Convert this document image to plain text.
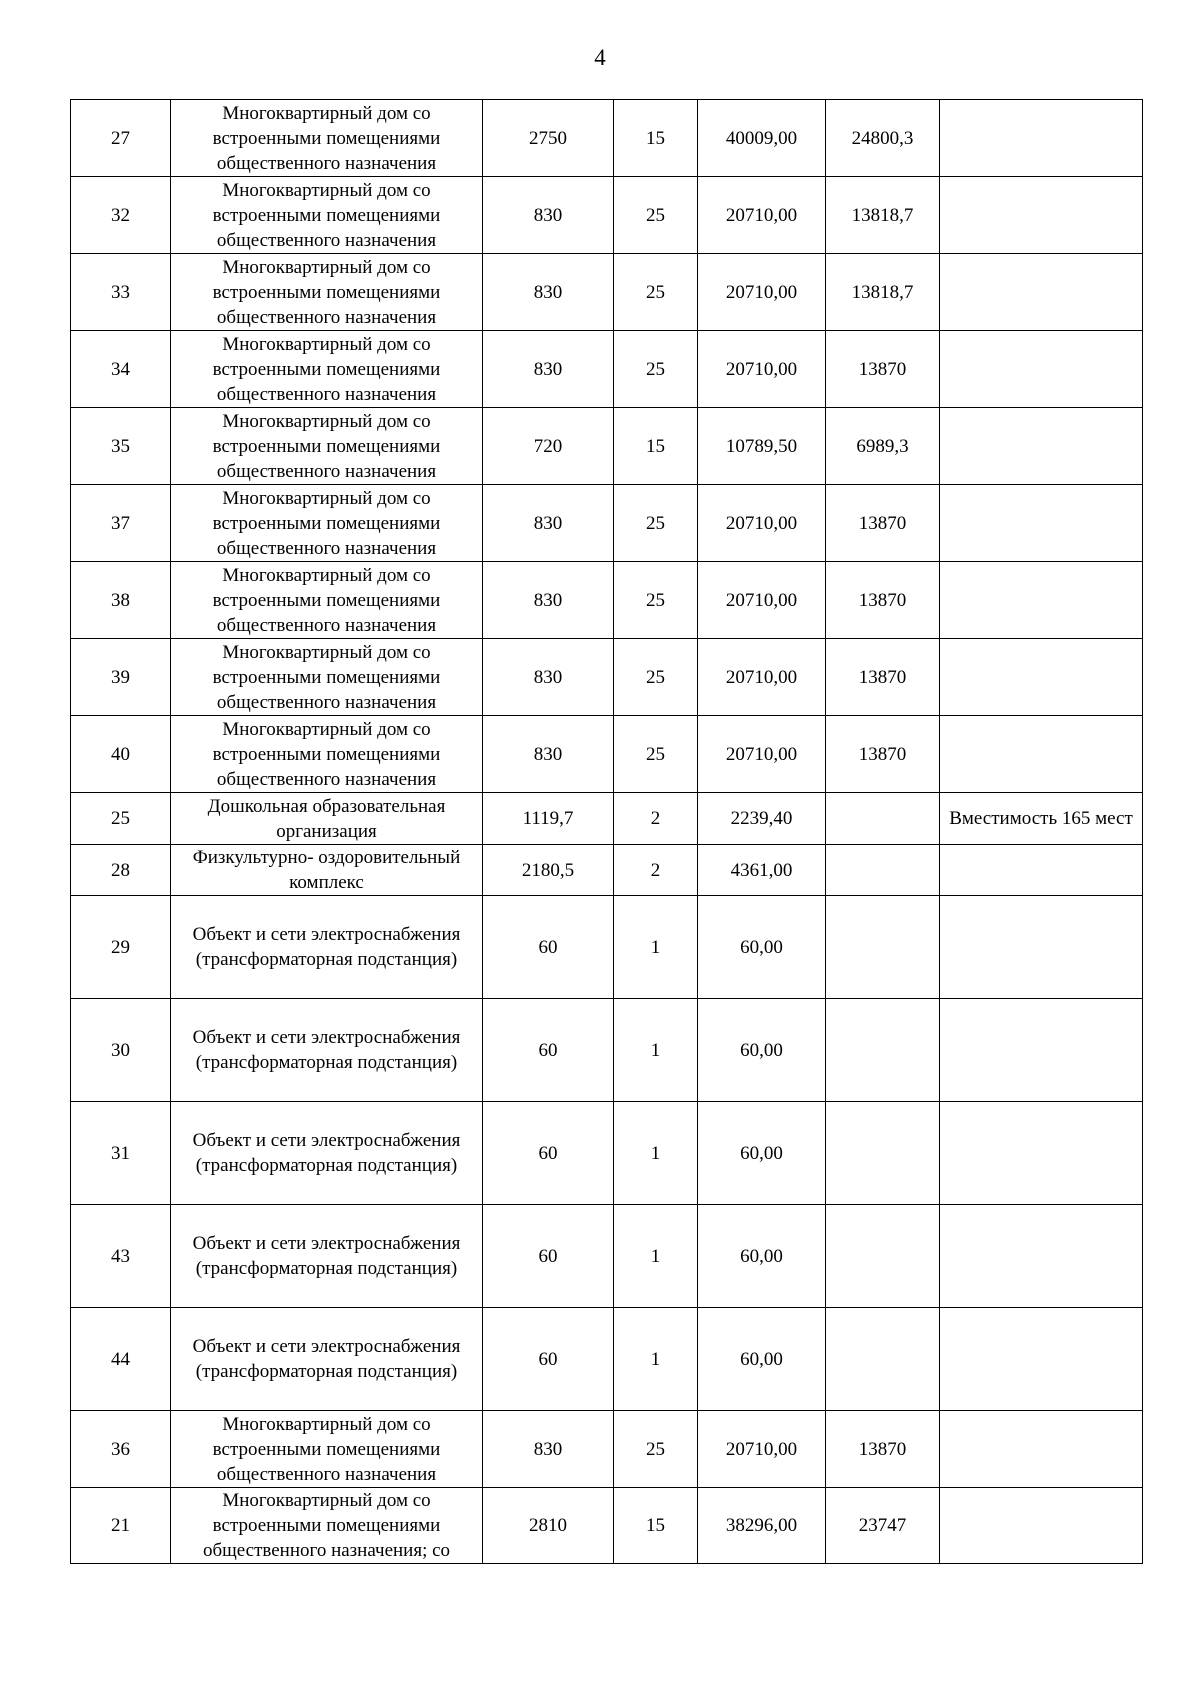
4
27	Многоквартирный дом со встроенными помещениями общественного назначения	2750	15	40009,00	24800,3	
32	Многоквартирный дом со встроенными помещениями общественного назначения	830	25	20710,00	13818,7	
33	Многоквартирный дом со встроенными помещениями общественного назначения	830	25	20710,00	13818,7	
34	Многоквартирный дом со встроенными помещениями общественного назначения	830	25	20710,00	13870	
35	Многоквартирный дом со встроенными помещениями общественного назначения	720	15	10789,50	6989,3	
37	Многоквартирный дом со встроенными помещениями общественного назначения	830	25	20710,00	13870	
38	Многоквартирный дом со встроенными помещениями общественного назначения	830	25	20710,00	13870	
39	Многоквартирный дом со встроенными помещениями общественного назначения	830	25	20710,00	13870	
40	Многоквартирный дом со встроенными помещениями общественного назначения	830	25	20710,00	13870	
25	Дошкольная образовательная организация	1119,7	2	2239,40		Вместимость 165 мест
28	Физкультурно- оздоровительный комплекс	2180,5	2	4361,00		
29	Объект и сети электроснабжения (трансформаторная подстанция)	60	1	60,00		
30	Объект и сети электроснабжения (трансформаторная подстанция)	60	1	60,00		
31	Объект и сети электроснабжения (трансформаторная подстанция)	60	1	60,00		
43	Объект и сети электроснабжения (трансформаторная подстанция)	60	1	60,00		
44	Объект и сети электроснабжения (трансформаторная подстанция)	60	1	60,00		
36	Многоквартирный дом со встроенными помещениями общественного назначения	830	25	20710,00	13870	
21	Многоквартирный дом со встроенными помещениями общественного назначения; со	2810	15	38296,00	23747	
